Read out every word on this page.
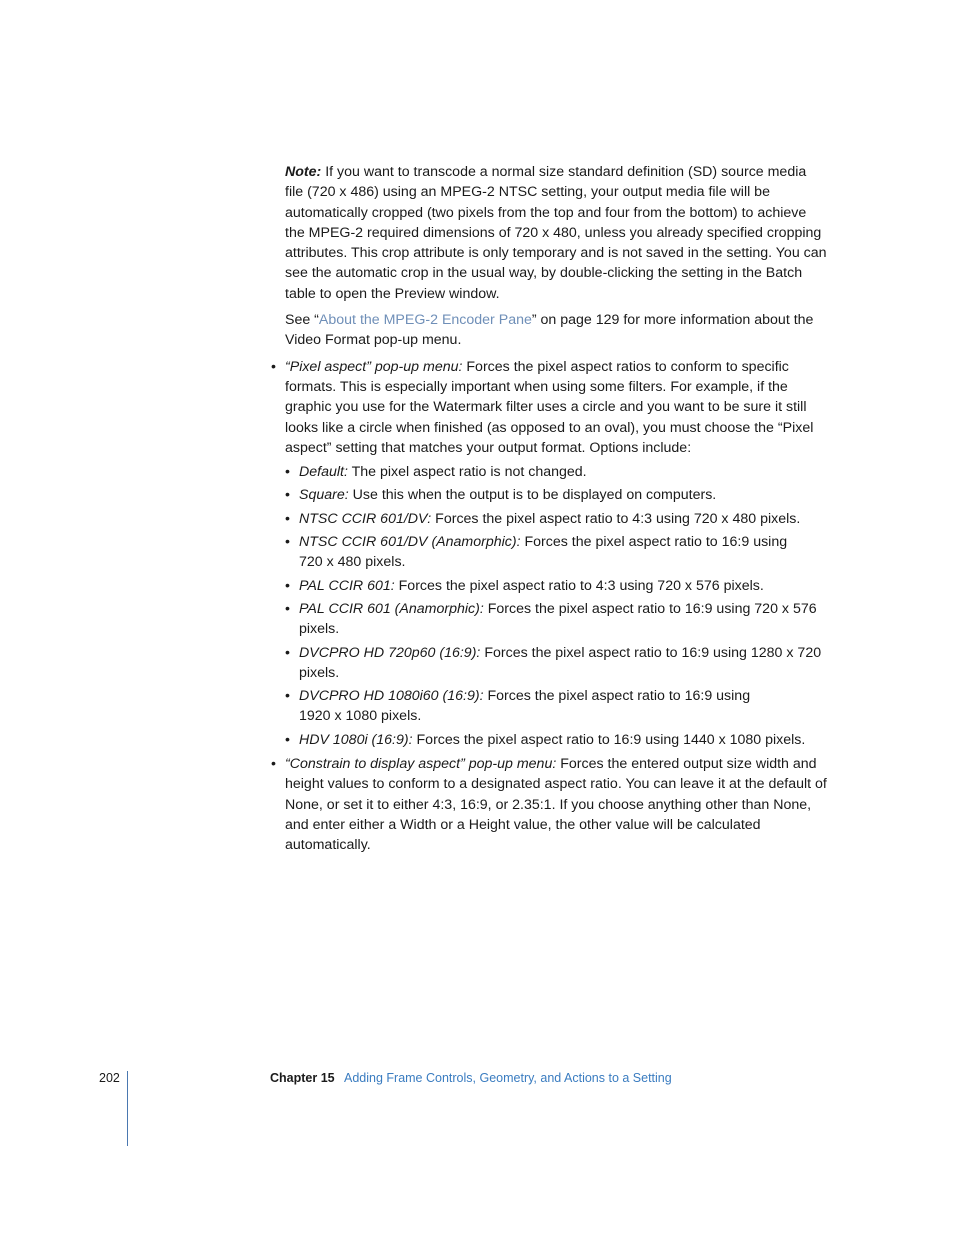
Note: If you want to transcode a normal size standard definition (SD) source media file (720 x 486) using an MPEG-2 NTSC setting, your output media file will be automatically cropped (two pixels from the top and four from the bottom) to achieve the MPEG-2 required dimensions of 720 x 480, unless you already specified cropping attributes. This crop attribute is only temporary and is not saved in the setting. You can see the automatic crop in the usual way, by double-clicking the setting in the Batch table to open the Preview window.

See “About the MPEG-2 Encoder Pane” on page 129 for more information about the Video Format pop-up menu.

• “Pixel aspect” pop-up menu: Forces the pixel aspect ratios to conform to specific formats. This is especially important when using some filters. For example, if the graphic you use for the Watermark filter uses a circle and you want to be sure it still looks like a circle when finished (as opposed to an oval), you must choose the “Pixel aspect” setting that matches your output format. Options include:
• Default: The pixel aspect ratio is not changed.
• Square: Use this when the output is to be displayed on computers.
• NTSC CCIR 601/DV: Forces the pixel aspect ratio to 4:3 using 720 x 480 pixels.
• NTSC CCIR 601/DV (Anamorphic): Forces the pixel aspect ratio to 16:9 using
720 x 480 pixels.
• PAL CCIR 601: Forces the pixel aspect ratio to 4:3 using 720 x 576 pixels.
• PAL CCIR 601 (Anamorphic): Forces the pixel aspect ratio to 16:9 using 720 x 576 pixels.
• DVCPRO HD 720p60 (16:9): Forces the pixel aspect ratio to 16:9 using 1280 x 720 pixels.
• DVCPRO HD 1080i60 (16:9): Forces the pixel aspect ratio to 16:9 using
1920 x 1080 pixels.
• HDV 1080i (16:9): Forces the pixel aspect ratio to 16:9 using 1440 x 1080 pixels.
• “Constrain to display aspect” pop-up menu: Forces the entered output size width and height values to conform to a designated aspect ratio. You can leave it at the default of None, or set it to either 4:3, 16:9, or 2.35:1. If you choose anything other than None, and enter either a Width or a Height value, the other value will be calculated automatically.
202	Chapter 15 Adding Frame Controls, Geometry, and Actions to a Setting
